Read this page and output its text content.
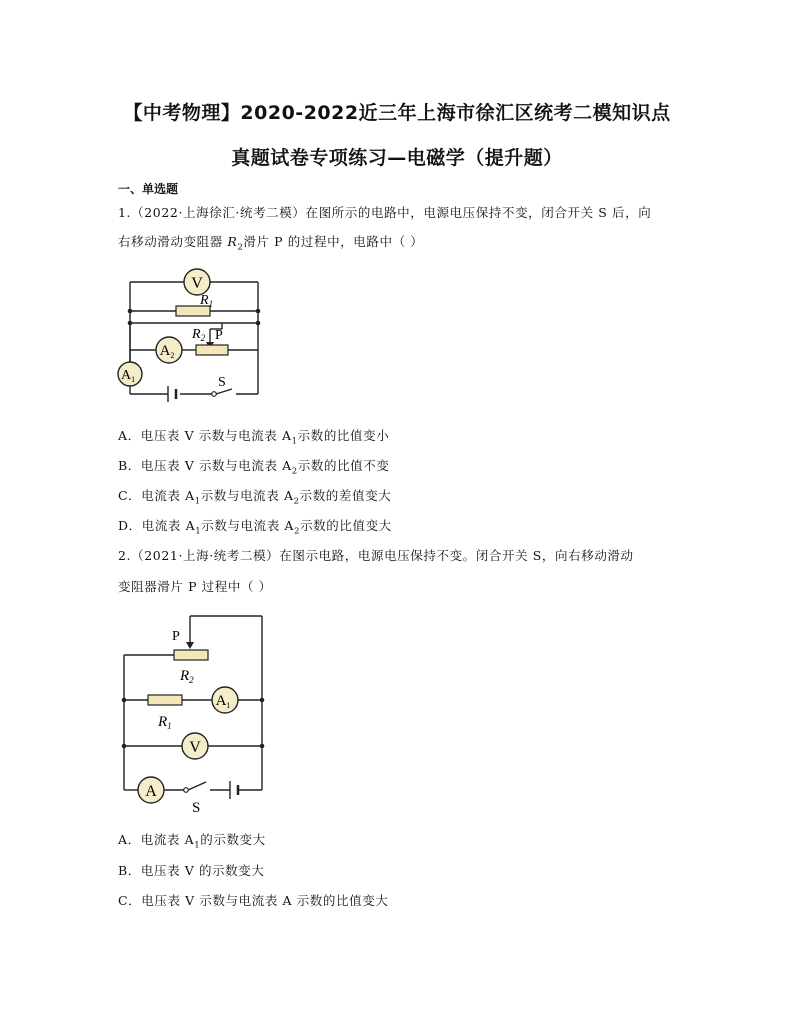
【中考物理】2020-2022近三年上海市徐汇区统考二模知识点
真题试卷专项练习—电磁学（提升题）
一、单选题
1.（2022·上海徐汇·统考二模）在图所示的电路中，电源电压保持不变，闭合开关 S 后，向
右移动滑动变阻器 $R_2$滑片 P 的过程中，电路中（ ）
V
$R_1$
$R_2$ P
$A_2$
$A_1$	S
A．电压表 V 示数与电流表 $A_1$示数的比值变小
B．电压表 V 示数与电流表 $A_2$示数的比值不变
C．电流表 $A_1$示数与电流表 $A_2$示数的差值变大
D．电流表 $A_1$示数与电流表 $A_2$示数的比值变大
2.（2021·上海·统考二模）在图示电路，电源电压保持不变。闭合开关 S，向右移动滑动
变阻器滑片 P 过程中（ ）
P
$R_2$
$R_1$
$A_1$
V
A
S
A．电流表 $A_1$的示数变大
B．电压表 V 的示数变大
C．电压表 V 示数与电流表 A 示数的比值变大
